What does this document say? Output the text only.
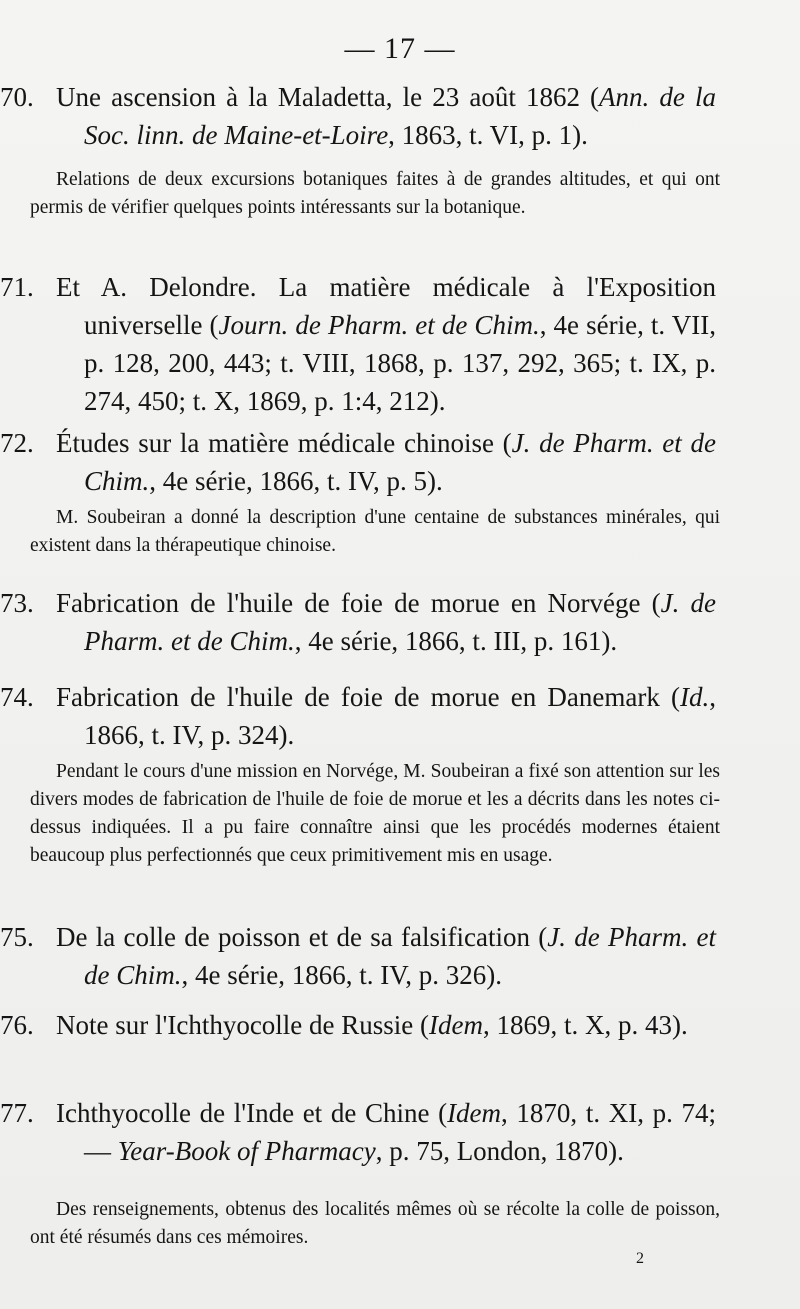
— 17 —
70. Une ascension à la Maladetta, le 23 août 1862 (Ann. de la Soc. linn. de Maine-et-Loire, 1863, t. VI, p. 1).
Relations de deux excursions botaniques faites à de grandes altitudes, et qui ont permis de vérifier quelques points intéressants sur la botanique.
71. Et A. Delondre. La matière médicale à l'Exposition universelle (Journ. de Pharm. et de Chim., 4e série, t. VII, p. 128, 200, 443; t. VIII, 1868, p. 137, 292, 365; t. IX, p. 274, 450; t. X, 1869, p. 1:4, 212).
72. Études sur la matière médicale chinoise (J. de Pharm. et de Chim., 4e série, 1866, t. IV, p. 5).
M. Soubeiran a donné la description d'une centaine de substances minérales, qui existent dans la thérapeutique chinoise.
73. Fabrication de l'huile de foie de morue en Norvége (J. de Pharm. et de Chim., 4e série, 1866, t. III, p. 161).
74. Fabrication de l'huile de foie de morue en Danemark (Id., 1866, t. IV, p. 324).
Pendant le cours d'une mission en Norvége, M. Soubeiran a fixé son attention sur les divers modes de fabrication de l'huile de foie de morue et les a décrits dans les notes ci-dessus indiquées. Il a pu faire connaître ainsi que les procédés modernes étaient beaucoup plus perfectionnés que ceux primitivement mis en usage.
75. De la colle de poisson et de sa falsification (J. de Pharm. et de Chim., 4e série, 1866, t. IV, p. 326).
76. Note sur l'Ichthyocolle de Russie (Idem, 1869, t. X, p. 43).
77. Ichthyocolle de l'Inde et de Chine (Idem, 1870, t. XI, p. 74; — Year-Book of Pharmacy, p. 75, London, 1870).
Des renseignements, obtenus des localités mêmes où se récolte la colle de poisson, ont été résumés dans ces mémoires.
2
